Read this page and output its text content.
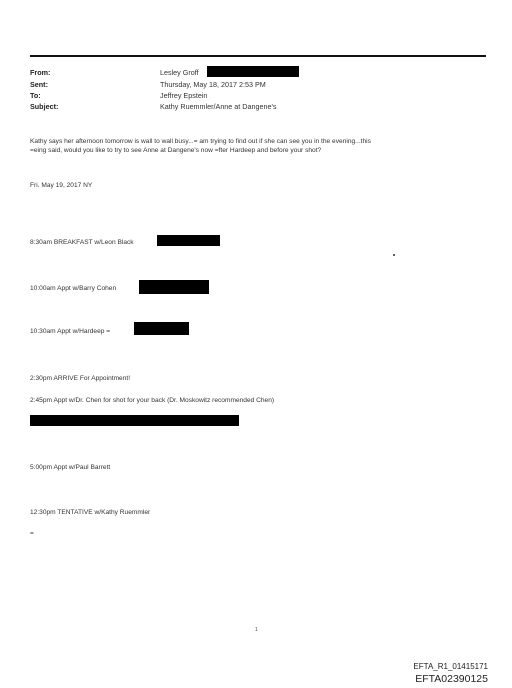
From:	Lesley Groff
Sent:	Thursday, May 18, 2017 2:53 PM
To:	Jeffrey Epstein
Subject:	Kathy Ruemmler/Anne at Dangene's
Kathy says her afternoon tomorrow is wall to wall busy...= am trying to find out if she can see you in the evening...this
=eing said, would you like to try to see Anne at Dangene's now =fter Hardeep and before your shot?
Fri. May 19, 2017 NY
8:30am BREAKFAST w/Leon Black
10:00am Appt w/Barry Cohen
10:30am Appt w/Hardeep =
2:30pm ARRIVE For Appointment!
2:45pm Appt w/Dr. Chen for shot for your back (Dr. Moskowitz recommended Chen)
5:00pm Appt w/Paul Barrett
12:30pm TENTATIVE w/Kathy Ruemmler
=
1
EFTA_R1_01415171
EFTA02390125
